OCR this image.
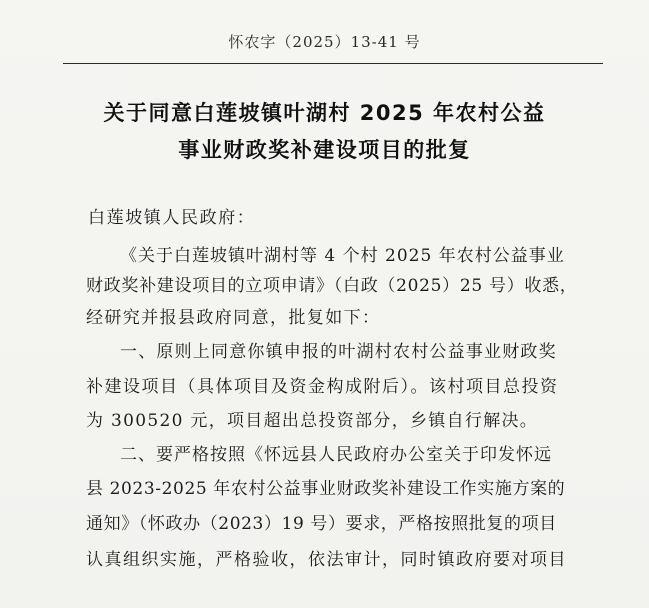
怀农字（2025）13-41 号
关于同意白莲坡镇叶湖村 2025 年农村公益
事业财政奖补建设项目的批复
白莲坡镇人民政府：
《关于白莲坡镇叶湖村等 4 个村 2025 年农村公益事业
财政奖补建设项目的立项申请》（白政（2025）25 号）收悉，
经研究并报县政府同意，批复如下：
一、原则上同意你镇申报的叶湖村农村公益事业财政奖
补建设项目（具体项目及资金构成附后）。该村项目总投资
为 300520 元，项目超出总投资部分，乡镇自行解决。
二、要严格按照《怀远县人民政府办公室关于印发怀远
县 2023-2025 年农村公益事业财政奖补建设工作实施方案的
通知》（怀政办（2023）19 号）要求，严格按照批复的项目
认真组织实施，严格验收，依法审计，同时镇政府要对项目
